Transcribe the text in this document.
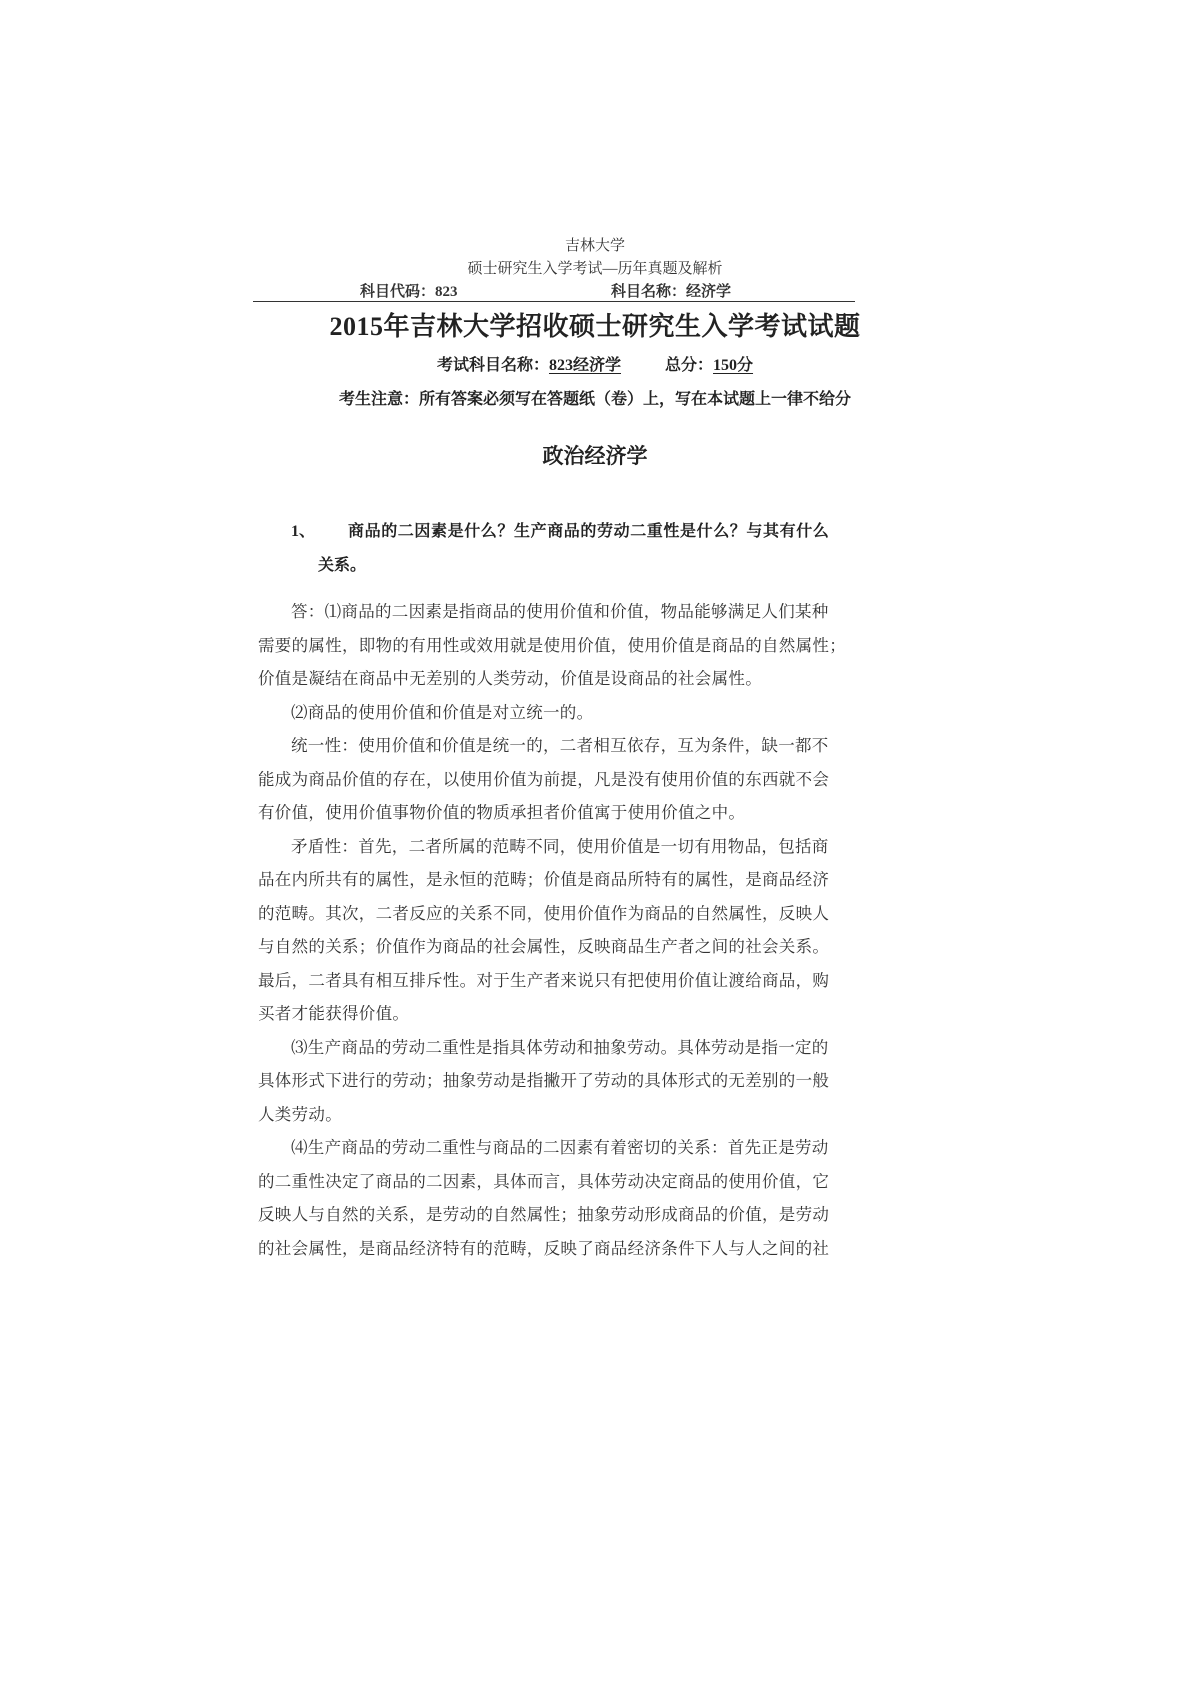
吉林大学
硕士研究生入学考试—历年真题及解析
科目代码：823	科目名称：经济学
2015年吉林大学招收硕士研究生入学考试试题
考试科目名称：823经济学	总分：150分
考生注意：所有答案必须写在答题纸（卷）上，写在本试题上一律不给分
政治经济学
1、 商品的二因素是什么？生产商品的劳动二重性是什么？与其有什么
关系。
答：⑴商品的二因素是指商品的使用价值和价值，物品能够满足人们某种
需要的属性，即物的有用性或效用就是使用价值，使用价值是商品的自然属性；
价值是凝结在商品中无差别的人类劳动，价值是设商品的社会属性。
⑵商品的使用价值和价值是对立统一的。
统一性：使用价值和价值是统一的，二者相互依存，互为条件，缺一都不
能成为商品价值的存在，以使用价值为前提，凡是没有使用价值的东西就不会
有价值，使用价值事物价值的物质承担者价值寓于使用价值之中。
矛盾性：首先，二者所属的范畴不同，使用价值是一切有用物品，包括商
品在内所共有的属性，是永恒的范畴；价值是商品所特有的属性，是商品经济
的范畴。其次，二者反应的关系不同，使用价值作为商品的自然属性，反映人
与自然的关系；价值作为商品的社会属性，反映商品生产者之间的社会关系。
最后，二者具有相互排斥性。对于生产者来说只有把使用价值让渡给商品，购
买者才能获得价值。
⑶生产商品的劳动二重性是指具体劳动和抽象劳动。具体劳动是指一定的
具体形式下进行的劳动；抽象劳动是指撇开了劳动的具体形式的无差别的一般
人类劳动。
⑷生产商品的劳动二重性与商品的二因素有着密切的关系：首先正是劳动
的二重性决定了商品的二因素，具体而言，具体劳动决定商品的使用价值，它
反映人与自然的关系，是劳动的自然属性；抽象劳动形成商品的价值，是劳动
的社会属性，是商品经济特有的范畴，反映了商品经济条件下人与人之间的社
